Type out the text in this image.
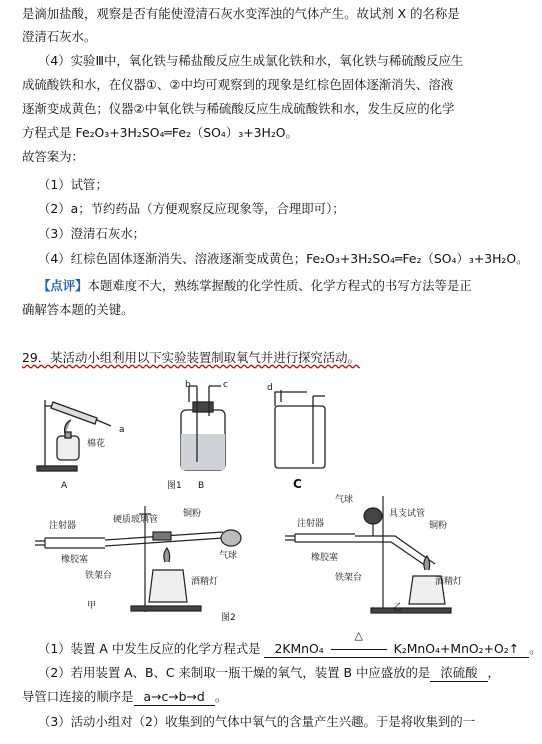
是滴加盐酸，观察是否有能使澄清石灰水变浑浊的气体产生。故试剂 X 的名称是
澄清石灰水。
（4）实验Ⅲ中，氧化铁与稀盐酸反应生成氯化铁和水，氧化铁与稀硫酸反应生
成硫酸铁和水，在仪器①、②中均可观察到的现象是红棕色固体逐渐消失、溶液
逐渐变成黄色；仪器②中氧化铁与稀硫酸反应生成硫酸铁和水，发生反应的化学
方程式是 Fe₂O₃+3H₂SO₄═Fe₂（SO₄）₃+3H₂O。
故答案为：
（1）试管；
（2）a；节约药品（方便观察反应现象等，合理即可）；
（3）澄清石灰水；
（4）红棕色固体逐渐消失、溶液逐渐变成黄色；Fe₂O₃+3H₂SO₄═Fe₂（SO₄）₃+3H₂O。
【点评】本题难度不大，熟练掌握酸的化学性质、化学方程式的书写方法等是正
确解答本题的关键。
29．某活动小组利用以下实验装置制取氧气并进行探究活动。
a
棉花
A
b	c
B
d
C
图1
注射器
硬质玻璃管
铜粉
气球
橡胶塞
铁架台
酒精灯
甲
图2
气球
注射器
具支试管
铜粉
橡胶塞
铁架台	酒精灯
乙
（1）装置 A 中发生反应的化学方程式是 2KMnO₄
△
K₂MnO₄+MnO₂+O₂↑ 。
（2）若用装置 A、B、C 来制取一瓶干燥的氧气，装置 B 中应盛放的是 浓硫酸 ，
导管口连接的顺序是 a→c→b→d 。
（3）活动小组对（2）收集到的气体中氧气的含量产生兴趣。于是将收集到的一
